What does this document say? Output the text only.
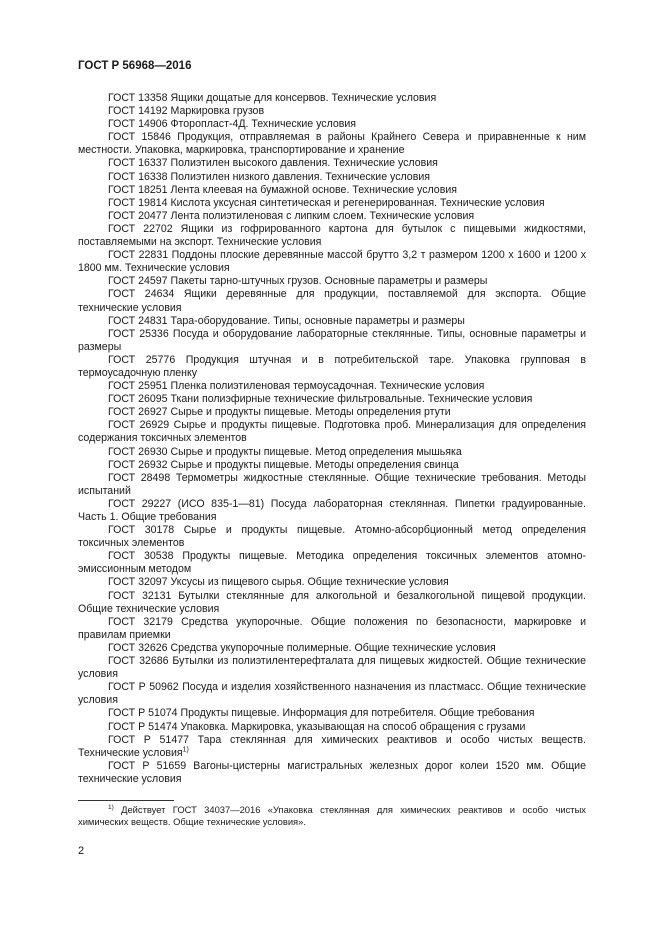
ГОСТ Р 56968—2016

ГОСТ 13358 Ящики дощатые для консервов. Технические условия

ГОСТ 14192 Маркировка грузов

ГОСТ 14906 Фторопласт-4Д. Технические условия

ГОСТ 15846 Продукция, отправляемая в районы Крайнего Севера и приравненные к ним местности. Упаковка, маркировка, транспортирование и хранение

ГОСТ 16337 Полиэтилен высокого давления. Технические условия

ГОСТ 16338 Полиэтилен низкого давления. Технические условия

ГОСТ 18251 Лента клеевая на бумажной основе. Технические условия

ГОСТ 19814 Кислота уксусная синтетическая и регенерированная. Технические условия

ГОСТ 20477 Лента полиэтиленовая с липким слоем. Технические условия

ГОСТ 22702 Ящики из гофрированного картона для бутылок с пищевыми жидкостями, поставляемыми на экспорт. Технические условия

ГОСТ 22831 Поддоны плоские деревянные массой брутто 3,2 т размером 1200 х 1600 и 1200 х 1800 мм. Технические условия

ГОСТ 24597 Пакеты тарно-штучных грузов. Основные параметры и размеры

ГОСТ 24634 Ящики деревянные для продукции, поставляемой для экспорта. Общие технические условия

ГОСТ 24831 Тара-оборудование. Типы, основные параметры и размеры

ГОСТ 25336 Посуда и оборудование лабораторные стеклянные. Типы, основные параметры и размеры

ГОСТ 25776 Продукция штучная и в потребительской таре. Упаковка групповая в термоусадочную пленку

ГОСТ 25951 Пленка полиэтиленовая термоусадочная. Технические условия

ГОСТ 26095 Ткани полиэфирные технические фильтровальные. Технические условия

ГОСТ 26927 Сырье и продукты пищевые. Методы определения ртути

ГОСТ 26929 Сырье и продукты пищевые. Подготовка проб. Минерализация для определения содержания токсичных элементов

ГОСТ 26930 Сырье и продукты пищевые. Метод определения мышьяка

ГОСТ 26932 Сырье и продукты пищевые. Методы определения свинца

ГОСТ 28498 Термометры жидкостные стеклянные. Общие технические требования. Методы испытаний

ГОСТ 29227 (ИСО 835-1—81) Посуда лабораторная стеклянная. Пипетки градуированные. Часть 1. Общие требования

ГОСТ 30178 Сырье и продукты пищевые. Атомно-абсорбционный метод определения токсичных элементов

ГОСТ 30538 Продукты пищевые. Методика определения токсичных элементов атомно-эмиссионным методом

ГОСТ 32097 Уксусы из пищевого сырья. Общие технические условия

ГОСТ 32131 Бутылки стеклянные для алкогольной и безалкогольной пищевой продукции. Общие технические условия

ГОСТ 32179 Средства укупорочные. Общие положения по безопасности, маркировке и правилам приемки

ГОСТ 32626 Средства укупорочные полимерные. Общие технические условия

ГОСТ 32686 Бутылки из полиэтилентерефталата для пищевых жидкостей. Общие технические условия

ГОСТ Р 50962 Посуда и изделия хозяйственного назначения из пластмасс. Общие технические условия

ГОСТ Р 51074 Продукты пищевые. Информация для потребителя. Общие требования

ГОСТ Р 51474 Упаковка. Маркировка, указывающая на способ обращения с грузами

ГОСТ Р 51477 Тара стеклянная для химических реактивов и особо чистых веществ. Технические условия$^{1)}$

ГОСТ Р 51659 Вагоны-цистерны магистральных железных дорог колеи 1520 мм. Общие технические условия

$^{1)}$ Действует ГОСТ 34037—2016 «Упаковка стеклянная для химических реактивов и особо чистых химических веществ. Общие технические условия».

2
